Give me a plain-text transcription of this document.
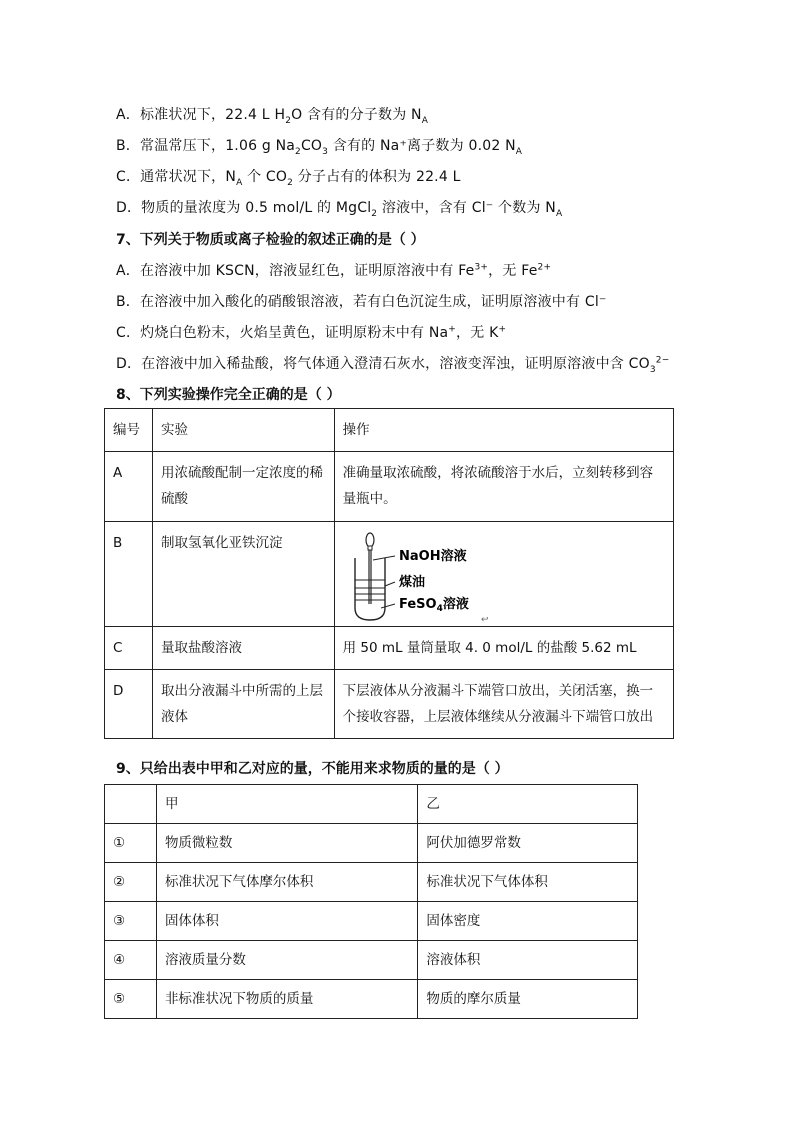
A．标准状况下，22.4 L $H_2O$ 含有的分子数为 $N_A$
B．常温常压下，1.06 g $Na_2CO_3$ 含有的 Na⁺离子数为 0.02 $N_A$
C．通常状况下，$N_A$ 个 $CO_2$ 分子占有的体积为 22.4 L
D．物质的量浓度为 0.5 mol/L 的 MgCl$_2$ 溶液中，含有 Cl⁻ 个数为 $N_A$
7、下列关于物质或离子检验的叙述正确的是（ ）
A．在溶液中加 KSCN，溶液显红色，证明原溶液中有 $Fe^{3+}$，无 $Fe^{2+}$
B．在溶液中加入酸化的硝酸银溶液，若有白色沉淀生成，证明原溶液中有 Cl⁻
C．灼烧白色粉末，火焰呈黄色，证明原粉末中有 Na+，无 K+
D．在溶液中加入稀盐酸，将气体通入澄清石灰水，溶液变浑浊，证明原溶液中含 $CO_3^{2-}$
8、下列实验操作完全正确的是（ ）
编号	实验	操作
A	用浓硫酸配制一定浓度的稀硫酸	准确量取浓硫酸，将浓硫酸溶于水后，立刻转移到容量瓶中。
B	制取氢氧化亚铁沉淀	NaOH溶液
煤油
FeSO$_4$溶液
↩

C	量取盐酸溶液	用 50 mL 量筒量取 4. 0 mol/L 的盐酸 5.62 mL
D	取出分液漏斗中所需的上层液体	下层液体从分液漏斗下端管口放出，关闭活塞，换一个接收容器，上层液体继续从分液漏斗下端管口放出
9、只给出表中甲和乙对应的量，不能用来求物质的量的是（ ）
	甲	乙
①	物质微粒数	阿伏加德罗常数
②	标准状况下气体摩尔体积	标准状况下气体体积
③	固体体积	固体密度
④	溶液质量分数	溶液体积
⑤	非标准状况下物质的质量	物质的摩尔质量
